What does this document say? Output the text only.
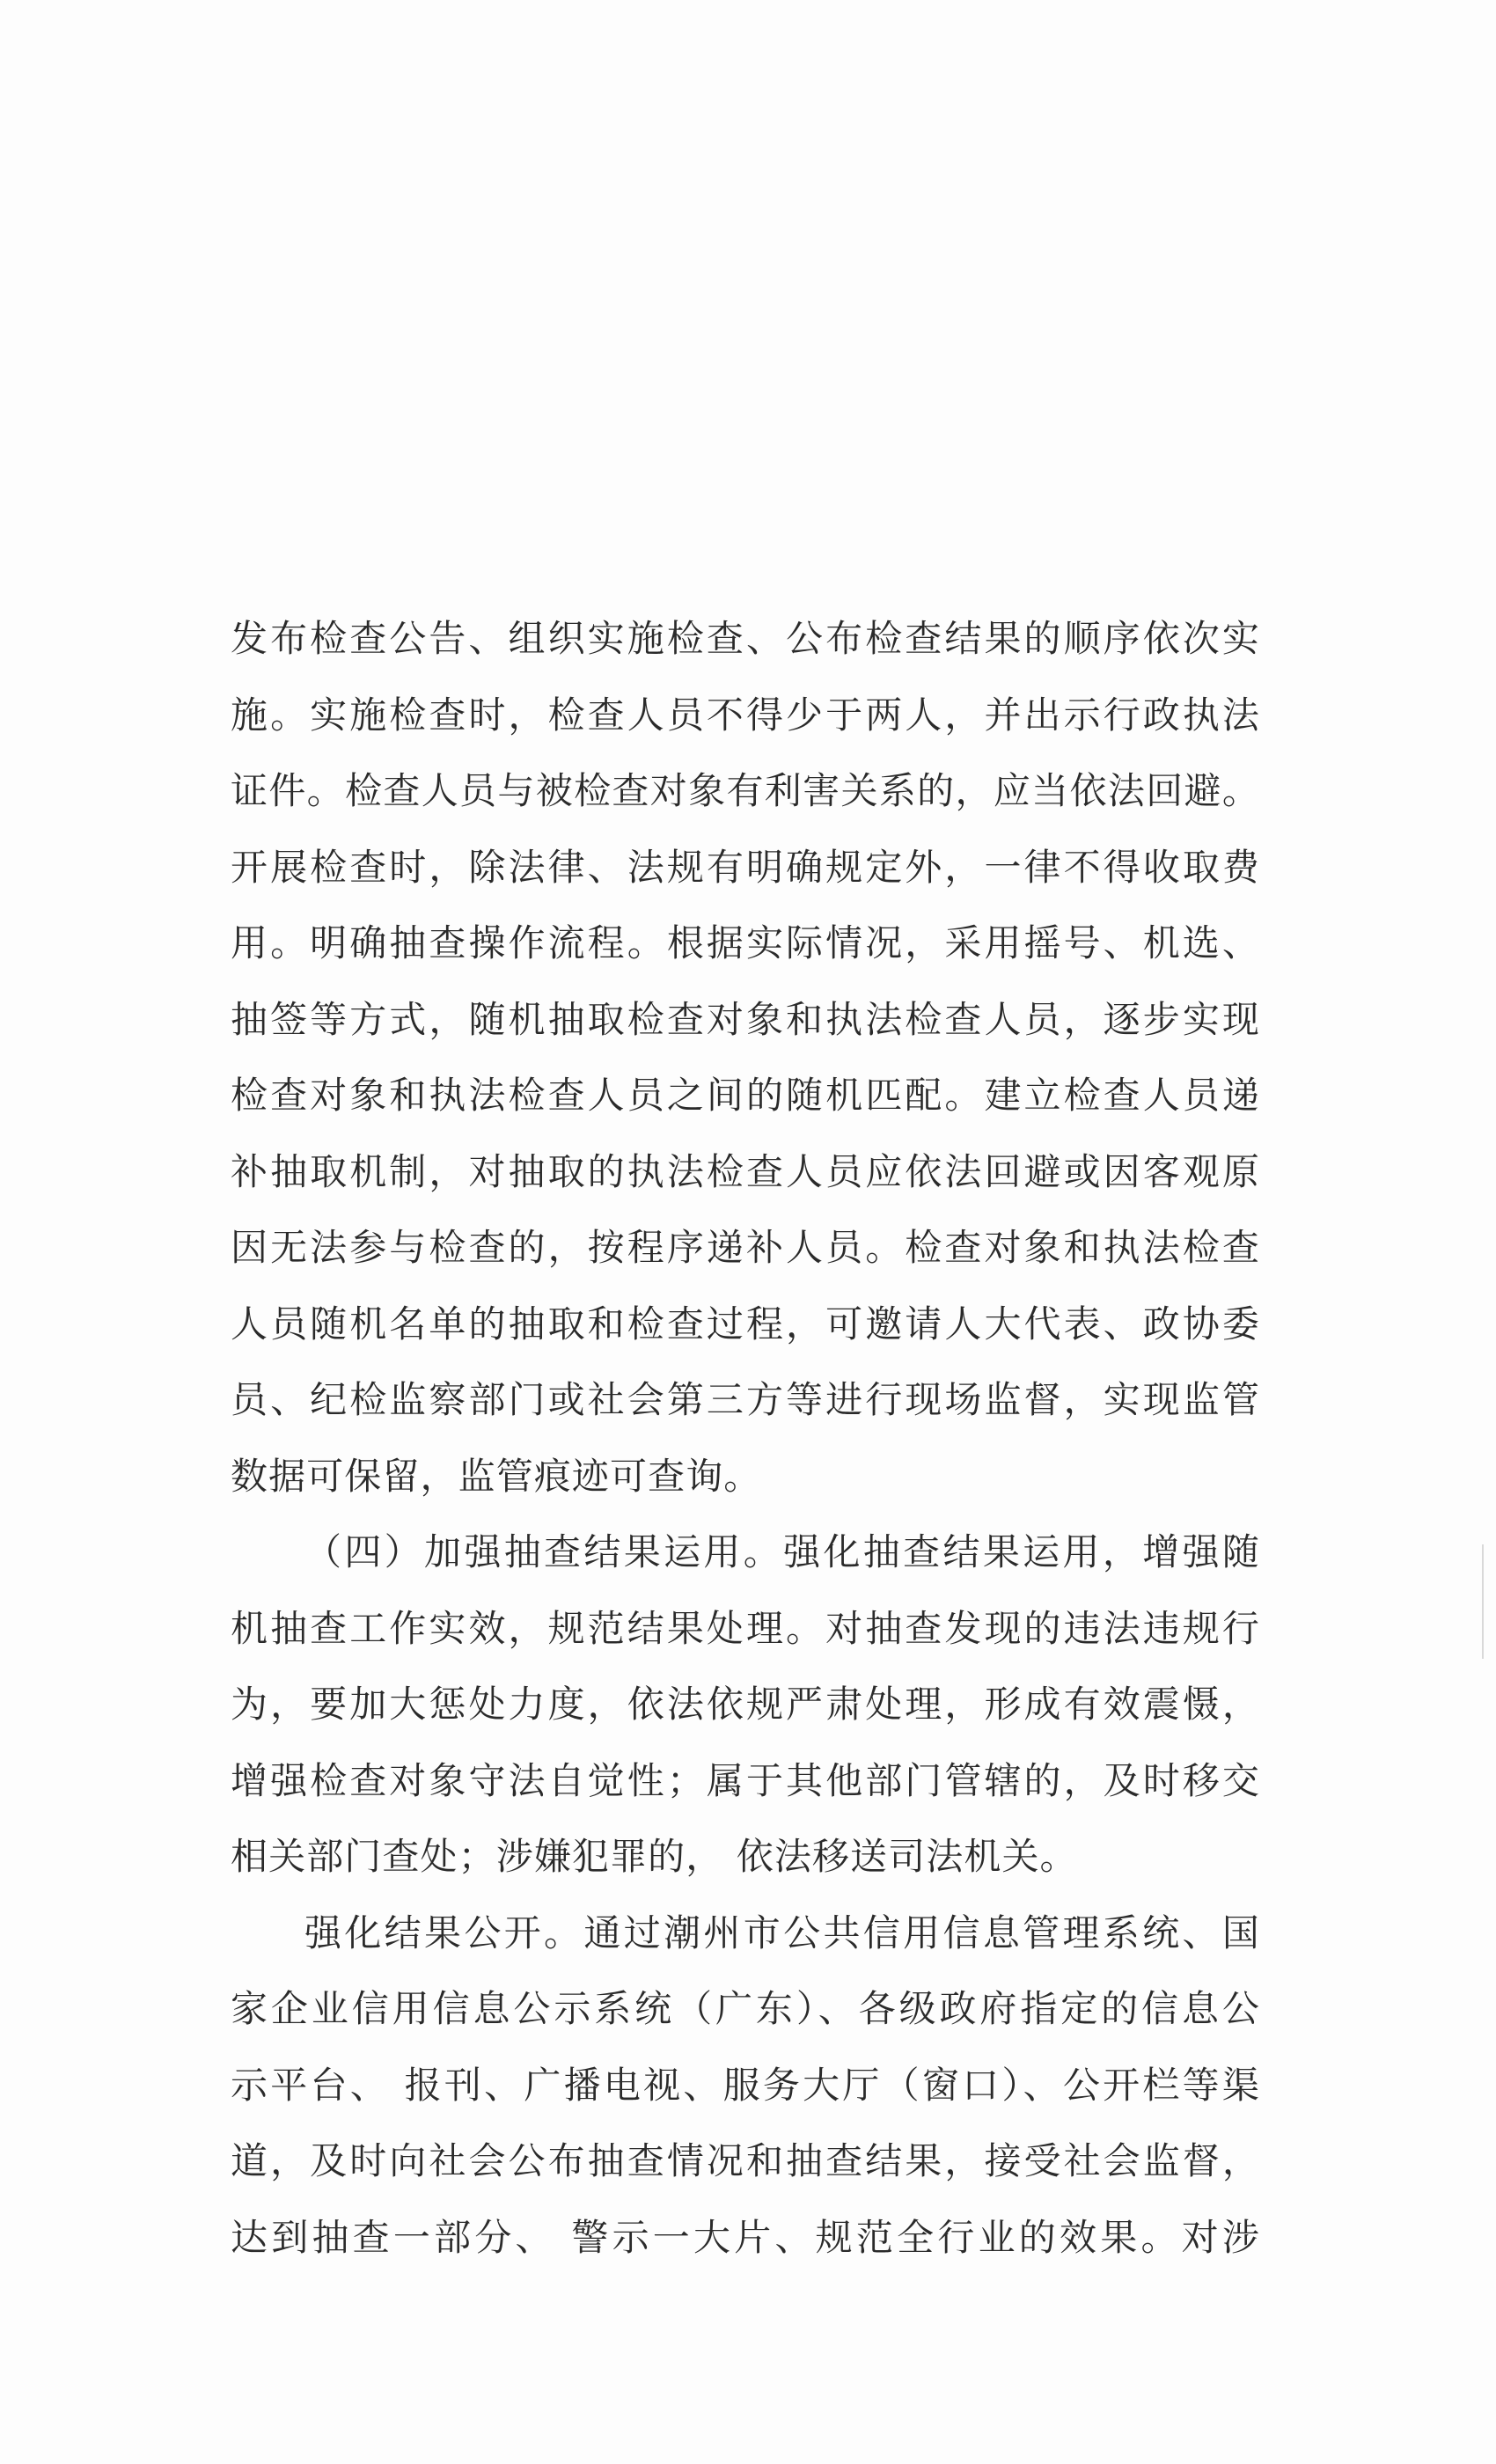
发布检查公告、组织实施检查、公布检查结果的顺序依次实
施。实施检查时，检查人员不得少于两人，并出示行政执法
证件。检查人员与被检查对象有利害关系的，应当依法回避。
开展检查时，除法律、法规有明确规定外，一律不得收取费
用。明确抽查操作流程。根据实际情况，采用摇号、机选、
抽签等方式，随机抽取检查对象和执法检查人员，逐步实现
检查对象和执法检查人员之间的随机匹配。建立检查人员递
补抽取机制，对抽取的执法检查人员应依法回避或因客观原
因无法参与检查的，按程序递补人员。检查对象和执法检查
人员随机名单的抽取和检查过程，可邀请人大代表、政协委
员、纪检监察部门或社会第三方等进行现场监督，实现监管
数据可保留，监管痕迹可查询。
（四）加强抽查结果运用。强化抽查结果运用，增强随
机抽查工作实效，规范结果处理。对抽查发现的违法违规行
为，要加大惩处力度，依法依规严肃处理，形成有效震慑，
增强检查对象守法自觉性；属于其他部门管辖的，及时移交
相关部门查处；涉嫌犯罪的， 依法移送司法机关。
强化结果公开。通过潮州市公共信用信息管理系统、国
家企业信用信息公示系统（广东）、各级政府指定的信息公
示平台、 报刊、广播电视、服务大厅（窗口）、公开栏等渠
道，及时向社会公布抽查情况和抽查结果，接受社会监督，
达到抽查一部分、 警示一大片、规范全行业的效果。对涉
